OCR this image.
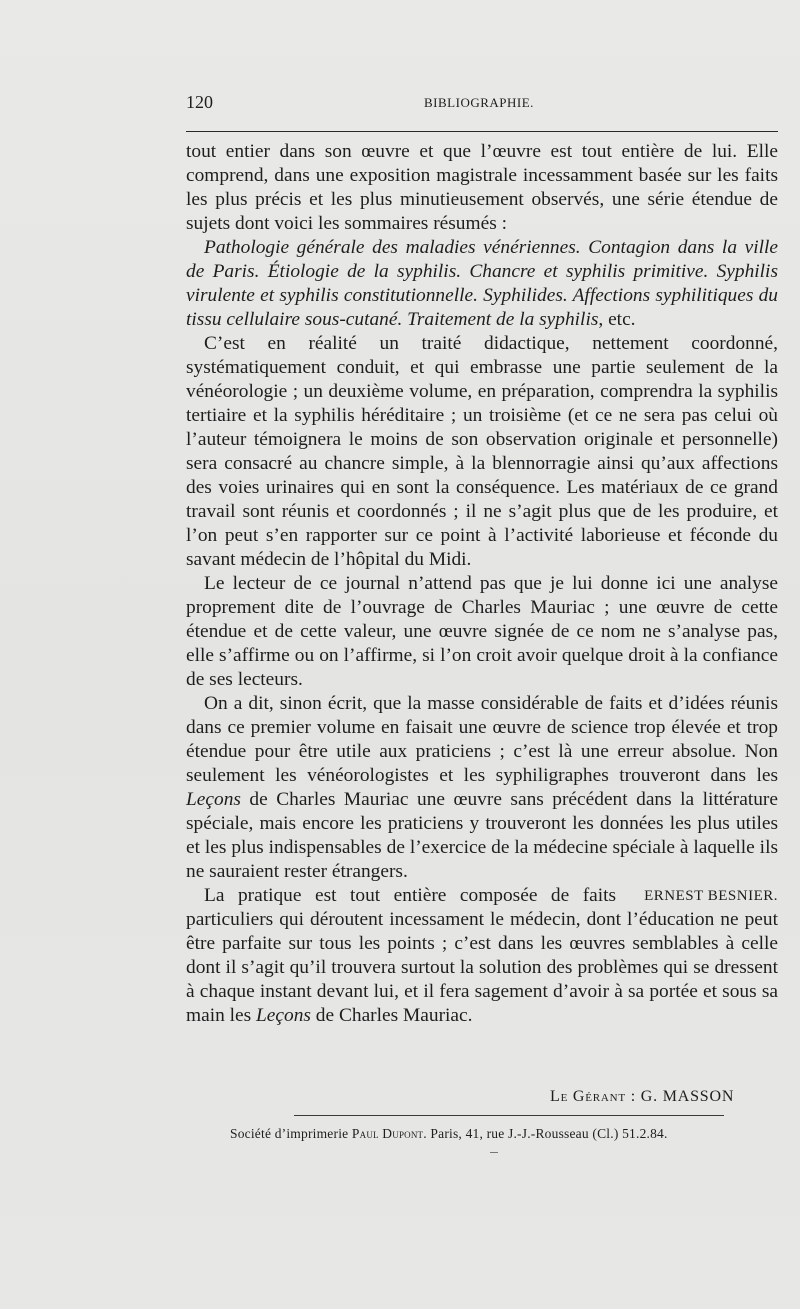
120	BIBLIOGRAPHIE.

tout entier dans son œuvre et que l’œuvre est tout entière de lui. Elle comprend, dans une exposition magistrale incessamment basée sur les faits les plus précis et les plus minutieusement observés, une série étendue de sujets dont voici les sommaires résumés :

Pathologie générale des maladies vénériennes. Contagion dans la ville de Paris. Étiologie de la syphilis. Chancre et syphilis primitive. Syphilis virulente et syphilis constitutionnelle. Syphilides. Affections syphilitiques du tissu cellulaire sous-cutané. Traitement de la syphilis, etc.

C’est en réalité un traité didactique, nettement coordonné, systématiquement conduit, et qui embrasse une partie seulement de la vénéorologie ; un deuxième volume, en préparation, comprendra la syphilis tertiaire et la syphilis héréditaire ; un troisième (et ce ne sera pas celui où l’auteur témoignera le moins de son observation originale et personnelle) sera consacré au chancre simple, à la blennorragie ainsi qu’aux affections des voies urinaires qui en sont la conséquence. Les matériaux de ce grand travail sont réunis et coordonnés ; il ne s’agit plus que de les produire, et l’on peut s’en rapporter sur ce point à l’activité laborieuse et féconde du savant médecin de l’hôpital du Midi.

Le lecteur de ce journal n’attend pas que je lui donne ici une analyse proprement dite de l’ouvrage de Charles Mauriac ; une œuvre de cette étendue et de cette valeur, une œuvre signée de ce nom ne s’analyse pas, elle s’affirme ou on l’affirme, si l’on croit avoir quelque droit à la confiance de ses lecteurs.

On a dit, sinon écrit, que la masse considérable de faits et d’idées réunis dans ce premier volume en faisait une œuvre de science trop élevée et trop étendue pour être utile aux praticiens ; c’est là une erreur absolue. Non seulement les vénéorologistes et les syphiligraphes trouveront dans les Leçons de Charles Mauriac une œuvre sans précédent dans la littérature spéciale, mais encore les praticiens y trouveront les données les plus utiles et les plus indispensables de l’exercice de la médecine spéciale à laquelle ils ne sauraient rester étrangers.

ERNEST BESNIER.
La pratique est tout entière composée de faits particuliers qui déroutent incessament le médecin, dont l’éducation ne peut être parfaite sur tous les points ; c’est dans les œuvres semblables à celle dont il s’agit qu’il trouvera surtout la solution des problèmes qui se dressent à chaque instant devant lui, et il fera sagement d’avoir à sa portée et sous sa main les Leçons de Charles Mauriac.

Le Gérant : G. MASSON
Société d’imprimerie Paul Dupont. Paris, 41, rue J.-J.-Rousseau (Cl.) 51.2.84.
